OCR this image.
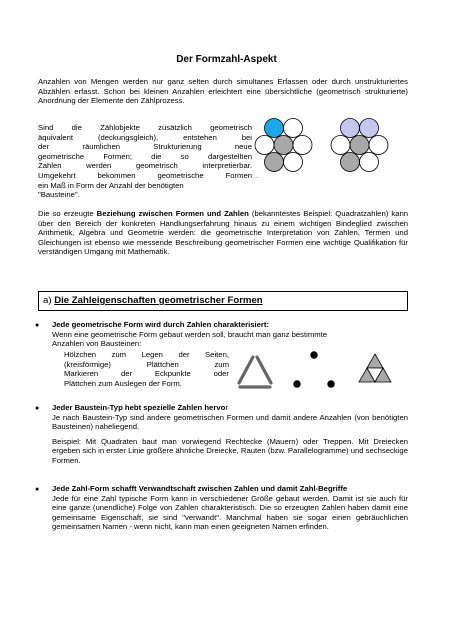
Der Formzahl-Aspekt
Anzahlen von Mengen werden nur ganz selten durch simultanes Erfassen oder durch unstrukturiertes Abzählen erfasst. Schon bei kleinen Anzahlen erleichtert eine übersichtliche (geometrisch strukturierte) Anordnung der Elemente den Zählprozess.
Sind die Zählobjekte zusätzlich geometrisch
äquivalent (deckungsgleich), entstehen bei
der räumlichen Strukturierung neue
geometrische Formen; die so dargestellten
Zahlen werden geometrisch interpretierbar.
Umgekehrt bekommen geometrische Formen
ein Maß in Form der Anzahl der benötigten
"Bausteine".
.
Die so erzeugte Beziehung zwischen Formen und Zahlen (bekanntestes Beispiel: Quadratzahlen) kann über den Bereich der konkreten Handlungserfahrung hinaus zu einem wichtigen Bindeglied zwischen Arithmetik, Algebra und Geometrie werden: die geometrische Interpretation von Zahlen, Termen und Gleichungen ist ebenso wie messende Beschreibung geometrischer Formen eine wichtige Qualifikation für verständigen Umgang mit Mathematik.
a) Die Zahleigenschaften geometrischer Formen
● Jede geometrische Form wird durch Zahlen charakterisiert:
Wenn eine geometrische Form gebaut werden soll, braucht man ganz bestimmte
Anzahlen von Bausteinen:
Hölzchen zum Legen der Seiten,
(kreisförmige) Plättchen zum
Markieren der Eckpunkte oder
Plättchen zum Auslegen der Form.
● Jeder Baustein-Typ hebt spezielle Zahlen hervor
Je nach Baustein-Typ sind andere geometrischen Formen und damit andere Anzahlen (von benötigten Bausteinen) naheliegend.
Beispiel: Mit Quadraten baut man vorwiegend Rechtecke (Mauern) oder Treppen. Mit Dreiecken ergeben sich in erster Linie größere ähnliche Dreiecke, Rauten (bzw. Parallelogramme) und sechseckige Formen.
● Jede Zahl-Form schafft Verwandtschaft zwischen Zahlen und damit Zahl-Begriffe
Jede für eine Zahl typische Form kann in verschiedener Größe gebaut werden. Damit ist sie auch für eine ganze (unendliche) Folge von Zahlen charakteristisch. Die so erzeugten Zahlen haben damit eine gemeinsame Eigenschaft, sie sind "verwandt". Manchmal haben sie sogar einen gebräuchlichen gemeinsamen Namen - wenn nicht, kann man einen geeigneten Namen erfinden.
